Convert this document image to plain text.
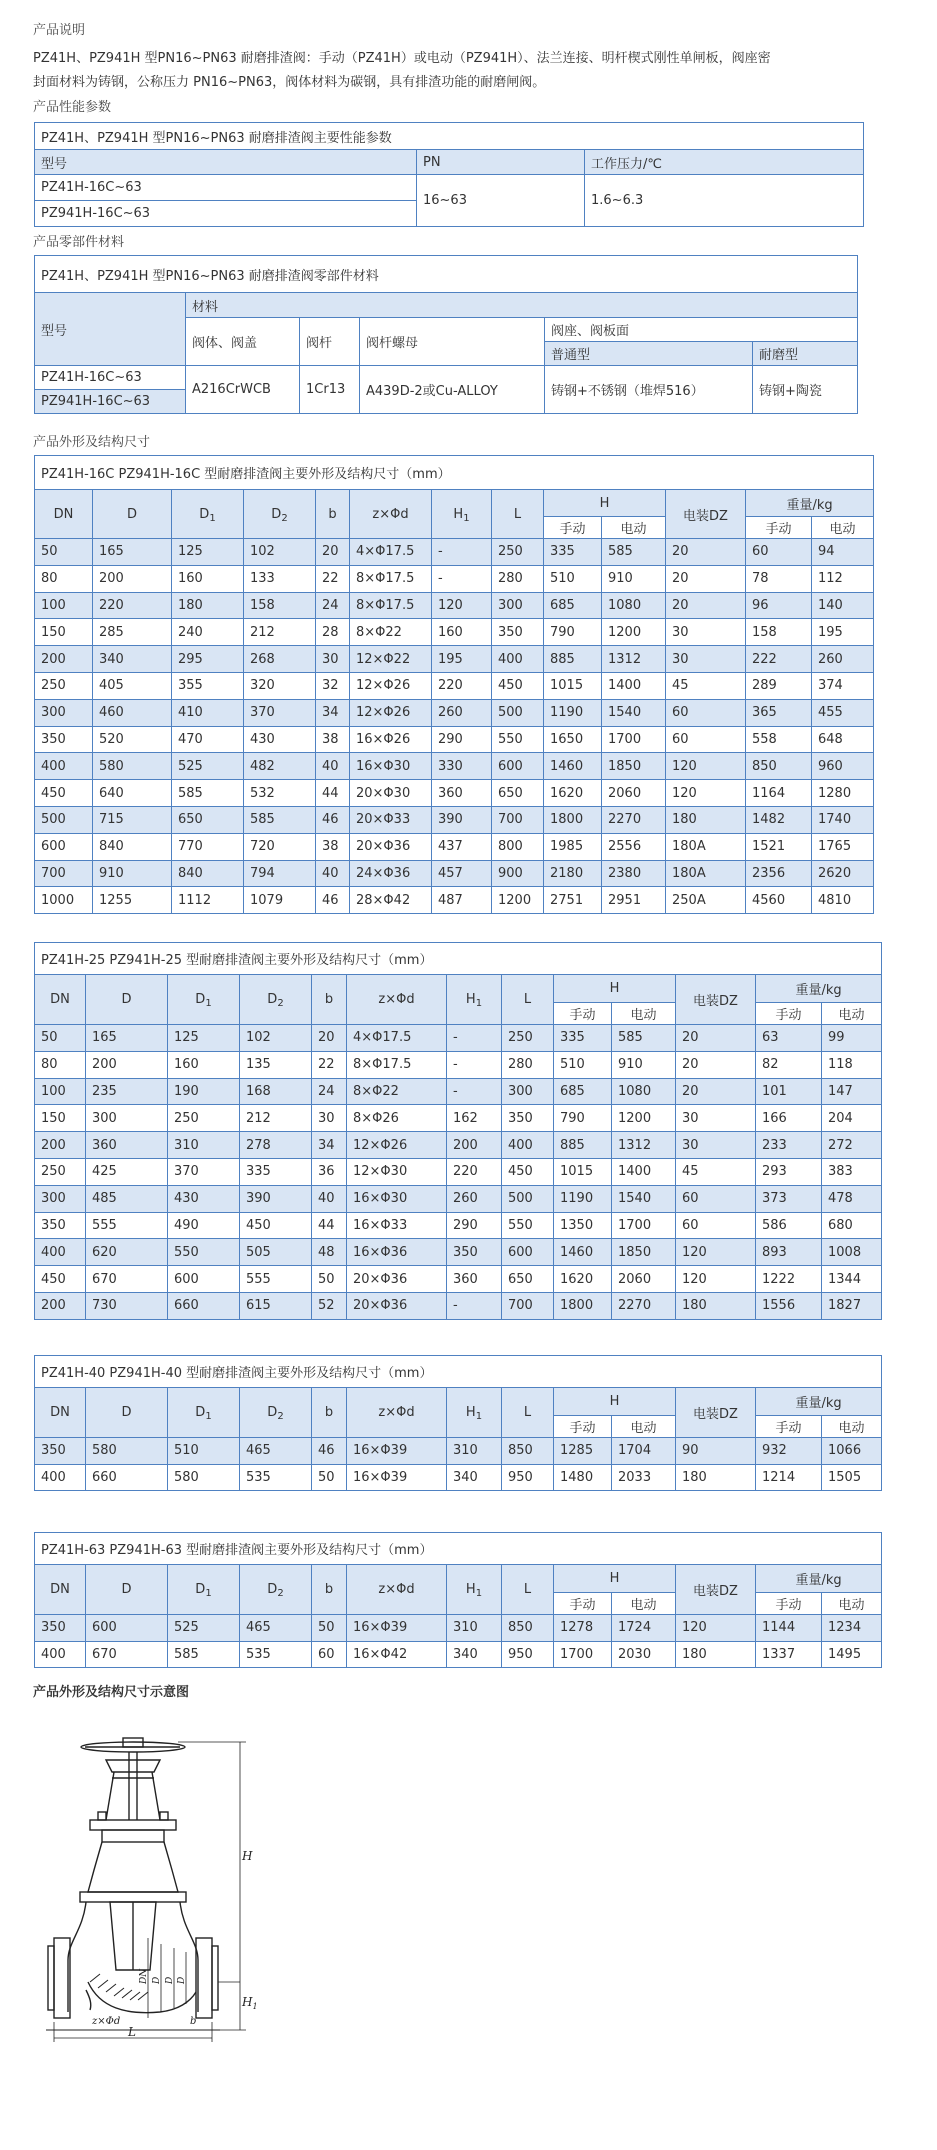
产品说明
PZ41H、PZ941H 型PN16~PN63 耐磨排渣阀：手动（PZ41H）或电动（PZ941H）、法兰连接、明杆楔式刚性单闸板，阀座密
封面材料为铸钢，公称压力 PN16~PN63，阀体材料为碳钢，具有排渣功能的耐磨闸阀。
产品性能参数
PZ41H、PZ941H 型PN16~PN63 耐磨排渣阀主要性能参数		
型号	PN	工作压力/℃
PZ41H-16C~63	16~63	1.6~6.3
PZ941H-16C~63		
产品零部件材料
PZ41H、PZ941H 型PN16~PN63 耐磨排渣阀零部件材料					
型号	材料				
	阀体、阀盖	阀杆	阀杆螺母	阀座、阀板面	
				普通型	耐磨型
PZ41H-16C~63	A216CrWCB	1Cr13	A439D-2或Cu-ALLOY	铸钢+不锈钢（堆焊516）	铸钢+陶瓷
PZ941H-16C~63					
产品外形及结构尺寸
PZ41H-16C PZ941H-16C 型耐磨排渣阀主要外形及结构尺寸（mm）												
DN	D	$D_1$	$D_2$	b	z×Φd	$H_1$	L	H		电装DZ	重量/kg	
								手动	电动		手动	电动
50	165	125	102	20	4×Φ17.5	-	250	335	585	20	60	94
80	200	160	133	22	8×Φ17.5	-	280	510	910	20	78	112
100	220	180	158	24	8×Φ17.5	120	300	685	1080	20	96	140
150	285	240	212	28	8×Φ22	160	350	790	1200	30	158	195
200	340	295	268	30	12×Φ22	195	400	885	1312	30	222	260
250	405	355	320	32	12×Φ26	220	450	1015	1400	45	289	374
300	460	410	370	34	12×Φ26	260	500	1190	1540	60	365	455
350	520	470	430	38	16×Φ26	290	550	1650	1700	60	558	648
400	580	525	482	40	16×Φ30	330	600	1460	1850	120	850	960
450	640	585	532	44	20×Φ30	360	650	1620	2060	120	1164	1280
500	715	650	585	46	20×Φ33	390	700	1800	2270	180	1482	1740
600	840	770	720	38	20×Φ36	437	800	1985	2556	180A	1521	1765
700	910	840	794	40	24×Φ36	457	900	2180	2380	180A	2356	2620
1000	1255	1112	1079	46	28×Φ42	487	1200	2751	2951	250A	4560	4810
PZ41H-25 PZ941H-25 型耐磨排渣阀主要外形及结构尺寸（mm）												
DN	D	$D_1$	$D_2$	b	z×Φd	$H_1$	L	H		电装DZ	重量/kg	
								手动	电动		手动	电动
50	165	125	102	20	4×Φ17.5	-	250	335	585	20	63	99
80	200	160	135	22	8×Φ17.5	-	280	510	910	20	82	118
100	235	190	168	24	8×Φ22	-	300	685	1080	20	101	147
150	300	250	212	30	8×Φ26	162	350	790	1200	30	166	204
200	360	310	278	34	12×Φ26	200	400	885	1312	30	233	272
250	425	370	335	36	12×Φ30	220	450	1015	1400	45	293	383
300	485	430	390	40	16×Φ30	260	500	1190	1540	60	373	478
350	555	490	450	44	16×Φ33	290	550	1350	1700	60	586	680
400	620	550	505	48	16×Φ36	350	600	1460	1850	120	893	1008
450	670	600	555	50	20×Φ36	360	650	1620	2060	120	1222	1344
200	730	660	615	52	20×Φ36	-	700	1800	2270	180	1556	1827
PZ41H-40 PZ941H-40 型耐磨排渣阀主要外形及结构尺寸（mm）												
DN	D	$D_1$	$D_2$	b	z×Φd	$H_1$	L	H		电装DZ	重量/kg	
								手动	电动		手动	电动
350	580	510	465	46	16×Φ39	310	850	1285	1704	90	932	1066
400	660	580	535	50	16×Φ39	340	950	1480	2033	180	1214	1505
PZ41H-63 PZ941H-63 型耐磨排渣阀主要外形及结构尺寸（mm）												
DN	D	$D_1$	$D_2$	b	z×Φd	$H_1$	L	H		电装DZ	重量/kg	
								手动	电动		手动	电动
350	600	525	465	50	16×Φ39	310	850	1278	1724	120	1144	1234
400	670	585	535	60	16×Φ42	340	950	1700	2030	180	1337	1495
产品外形及结构尺寸示意图
H
$H_1$
L
z×Φd	b
DN D D D
